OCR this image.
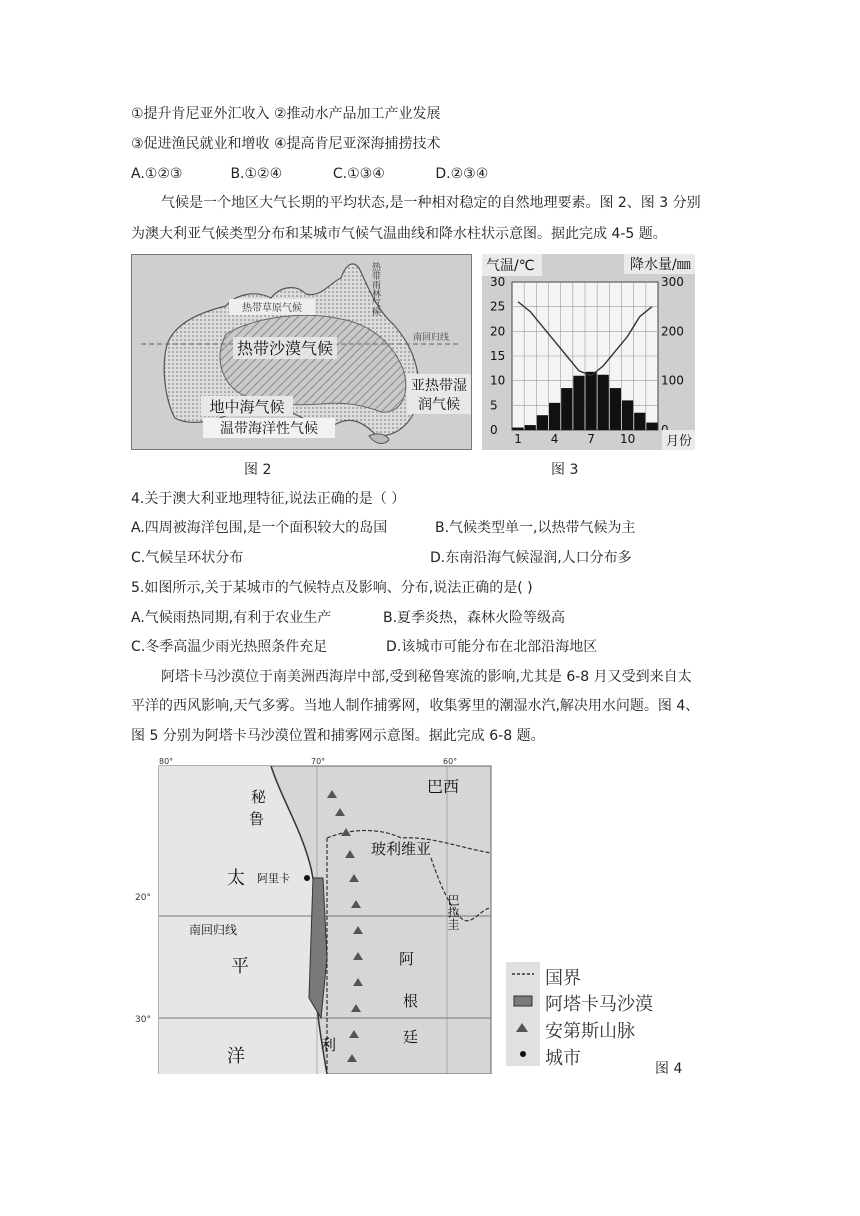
①提升肯尼亚外汇收入 ②推动水产品加工产业发展
③促进渔民就业和增收 ④提高肯尼亚深海捕捞技术
A.①②③	B.①②④	C.①③④	D.②③④
气候是一个地区大气长期的平均状态,是一种相对稳定的自然地理要素。图 2、图 3 分别
为澳大利亚气候类型分布和某城市气候气温曲线和降水柱状示意图。据此完成 4-5 题。
热带草原气候	热带雨林气候
南回归线
热带沙漠气候
亚热带湿
润气候
地中海气候
温带海洋性气候
气温/℃	降水量/㎜
30
25
20
15
10
5
0
300
200
100
1 4 7 10 月份
图 2	图 3
4.关于澳大利亚地理特征,说法正确的是（ ）
A.四周被海洋包围,是一个面积较大的岛国	B.气候类型单一,以热带气候为主
C.气候呈环状分布	D.东南沿海气候湿润,人口分布多
5.如图所示,关于某城市的气候特点及影响、分布,说法正确的是( )
A.气候雨热同期,有利于农业生产	B.夏季炎热，森林火险等级高
C.冬季高温少雨光热照条件充足	D.该城市可能分布在北部沿海地区
阿塔卡马沙漠位于南美洲西海岸中部,受到秘鲁寒流的影响,尤其是 6-8 月又受到来自太
平洋的西风影响,天气多雾。当地人制作捕雾网，收集雾里的潮湿水汽,解决用水问题。图 4、
图 5 分别为阿塔卡马沙漠位置和捕雾网示意图。据此完成 6-8 题。
80°	70°	60°
20°
30°
巴西
秘
鲁
玻利维亚
巴拉圭
阿里卡
南回归线
太
平
洋
阿
根
廷
利
国界
阿塔卡马沙漠
安第斯山脉
城市	图 4
